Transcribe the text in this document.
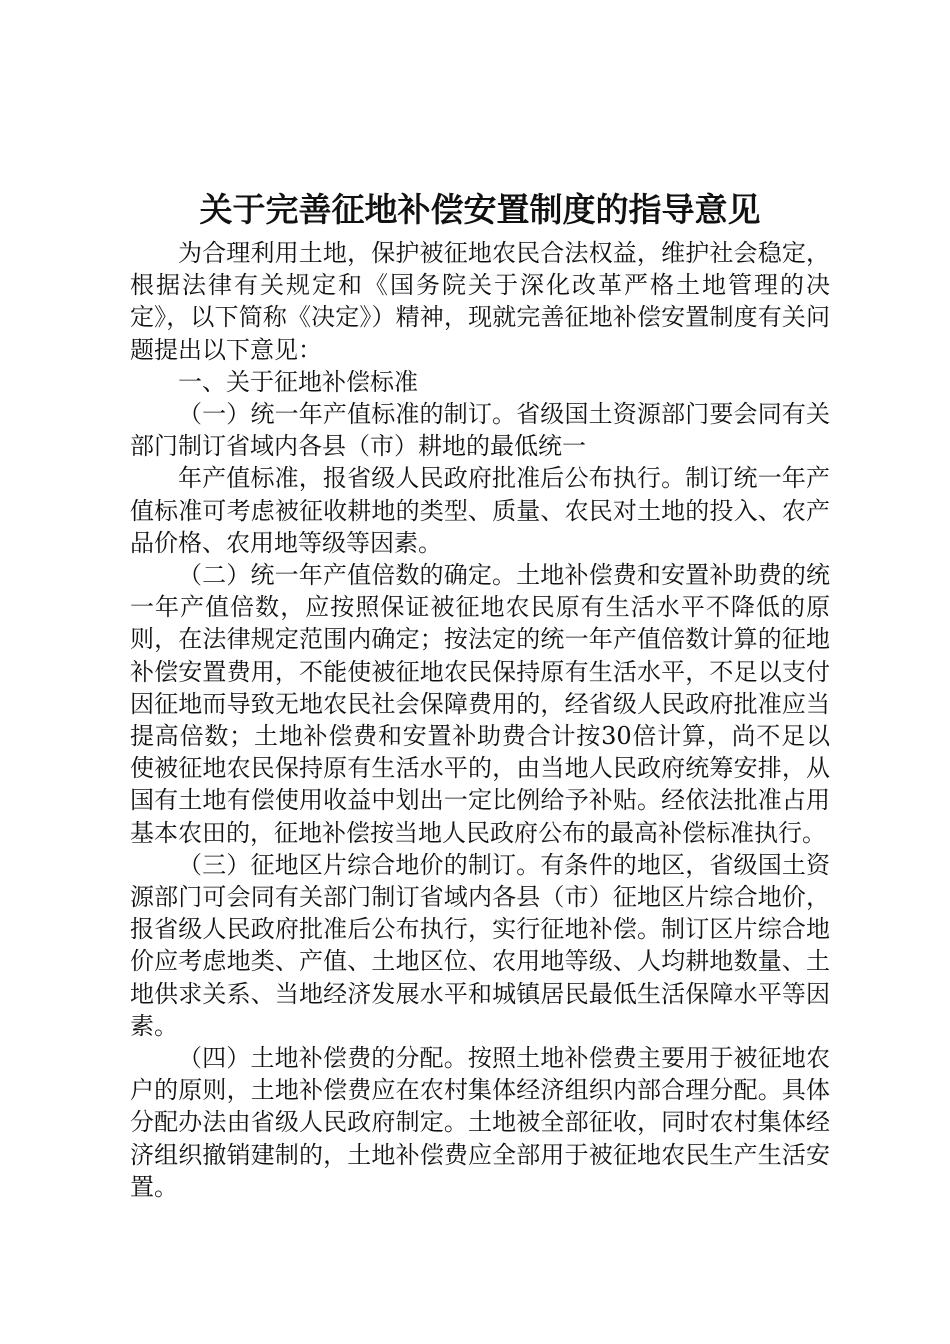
关于完善征地补偿安置制度的指导意见

为合理利用土地，保护被征地农民合法权益，维护社会稳定，根据法律有关规定和《国务院关于深化改革严格土地管理的决定》，以下简称《决定》）精神，现就完善征地补偿安置制度有关问题提出以下意见：

一、关于征地补偿标准

（一）统一年产值标准的制订。省级国土资源部门要会同有关部门制订省域内各县（市）耕地的最低统一

年产值标准，报省级人民政府批准后公布执行。制订统一年产值标准可考虑被征收耕地的类型、质量、农民对土地的投入、农产品价格、农用地等级等因素。

（二）统一年产值倍数的确定。土地补偿费和安置补助费的统一年产值倍数，应按照保证被征地农民原有生活水平不降低的原则，在法律规定范围内确定；按法定的统一年产值倍数计算的征地补偿安置费用，不能使被征地农民保持原有生活水平，不足以支付因征地而导致无地农民社会保障费用的，经省级人民政府批准应当提高倍数；土地补偿费和安置补助费合计按30倍计算，尚不足以使被征地农民保持原有生活水平的，由当地人民政府统筹安排，从国有土地有偿使用收益中划出一定比例给予补贴。经依法批准占用基本农田的，征地补偿按当地人民政府公布的最高补偿标准执行。

（三）征地区片综合地价的制订。有条件的地区，省级国土资源部门可会同有关部门制订省域内各县（市）征地区片综合地价，报省级人民政府批准后公布执行，实行征地补偿。制订区片综合地价应考虑地类、产值、土地区位、农用地等级、人均耕地数量、土地供求关系、当地经济发展水平和城镇居民最低生活保障水平等因素。

（四）土地补偿费的分配。按照土地补偿费主要用于被征地农户的原则，土地补偿费应在农村集体经济组织内部合理分配。具体分配办法由省级人民政府制定。土地被全部征收，同时农村集体经济组织撤销建制的，土地补偿费应全部用于被征地农民生产生活安置。
